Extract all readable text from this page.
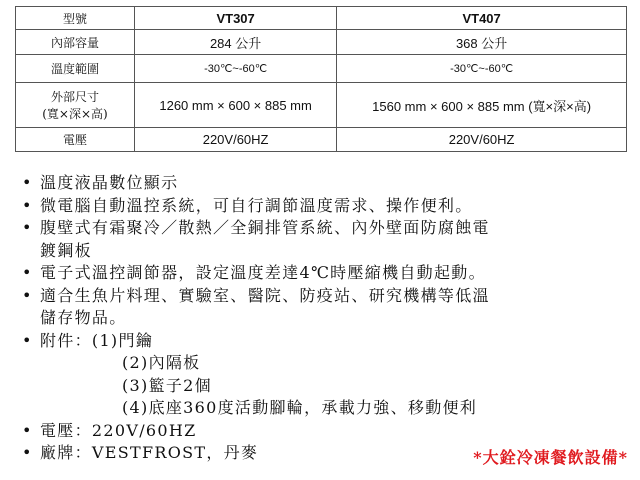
型號	VT307	VT407
內部容量	284 公升	368 公升
溫度範圍	-30℃~-60℃	-30℃~-60℃

外部尺寸
(寬×深×高)	1260 mm × 600 × 885 mm	1560 mm × 600 × 885 mm (寬×深×高)
電壓	220V/60HZ	220V/60HZ
• 溫度液晶數位顯示
• 微電腦自動溫控系統，可自行調節溫度需求、操作便利。
• 腹壁式有霜聚冷／散熱／全銅排管系統、內外壁面防腐蝕電
鍍鋼板
• 電子式溫控調節器，設定溫度差達4℃時壓縮機自動起動。
• 適合生魚片料理、實驗室、醫院、防疫站、研究機構等低溫
儲存物品。
• 附件：(1)門鑰
(2)內隔板
(3)籃子2個
(4)底座360度活動腳輪，承載力強、移動便利
• 電壓：220V/60HZ
• 廠牌：VESTFROST，丹麥	*大銓冷凍餐飲設備*
